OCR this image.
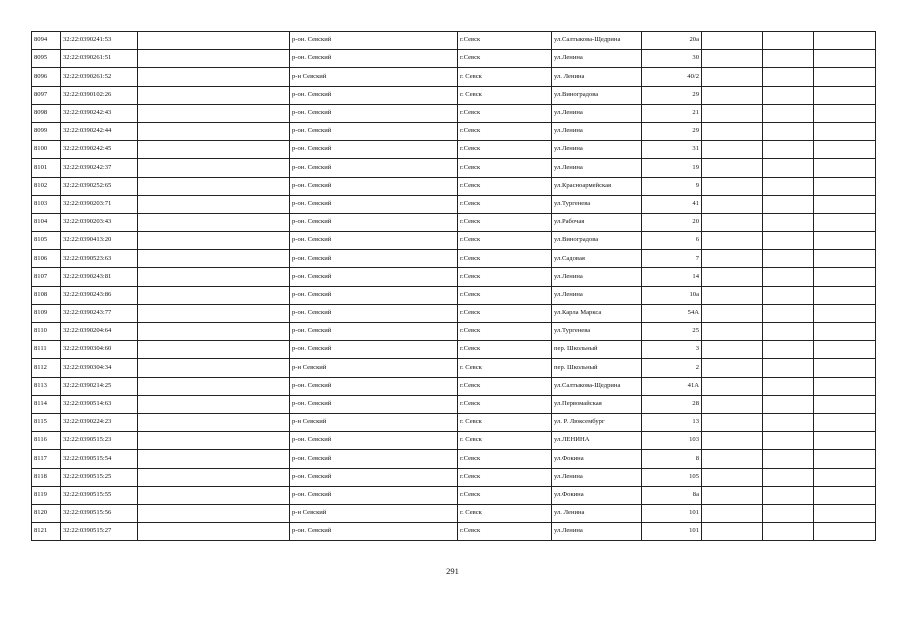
8094	32:22:0390241:53		р-он. Севский	г.Севск	ул.Салтыкова-Щедрина	20а			
8095	32:22:0390261:51		р-он. Севский	г.Севск	ул.Ленина	30			
8096	32:22:0390261:52		р-н Севский	г. Севск	ул. Ленина	40/2			
8097	32:22:0390102:26		р-он. Севский	г. Севск	ул.Виноградова	29			
8098	32:22:0390242:43		р-он. Севский	г.Севск	ул.Ленина	21			
8099	32:22:0390242:44		р-он. Севский	г.Севск	ул.Ленина	29			
8100	32:22:0390242:45		р-он. Севский	г.Севск	ул.Ленина	31			
8101	32:22:0390242:37		р-он. Севский	г.Севск	ул.Ленина	19			
8102	32:22:0390252:65		р-он. Севский	г.Севск	ул.Красноармейская	9			
8103	32:22:0390203:71		р-он. Севский	г.Севск	ул.Тургенева	41			
8104	32:22:0390203:43		р-он. Севский	г.Севск	ул.Рабочая	20			
8105	32:22:0390413:20		р-он. Севский	г.Севск	ул.Виноградова	6			
8106	32:22:0390523:63		р-он. Севский	г.Севск	ул.Садовая	7			
8107	32:22:0390243:81		р-он. Севский	г.Севск	ул.Ленина	14			
8108	32:22:0390243:86		р-он. Севский	г.Севск	ул.Ленина	10а			
8109	32:22:0390243:77		р-он. Севский	г.Севск	ул.Карла Маркса	54А			
8110	32:22:0390204:64		р-он. Севский	г.Севск	ул.Тургенева	25			
8111	32:22:0390304:60		р-он. Севский	г.Севск	пер. Школьный	3			
8112	32:22:0390304:34		р-н Севский	г. Севск	пер. Школьный	2			
8113	32:22:0390214:25		р-он. Севский	г.Севск	ул.Салтыкова-Щедрина	41А			
8114	32:22:0390514:63		р-он. Севский	г.Севск	ул.Первомайская	28			
8115	32:22:0390224:23		р-н Севский	г. Севск	ул. Р. Люксембург	13			
8116	32:22:0390515:23		р-он. Севский	г. Севск	ул.ЛЕНИНА	103			
8117	32:22:0390515:54		р-он. Севский	г.Севск	ул.Фокина	8			
8118	32:22:0390515:25		р-он. Севский	г.Севск	ул.Ленина	105			
8119	32:22:0390515:55		р-он. Севский	г.Севск	ул.Фокина	8а			
8120	32:22:0390515:56		р-н Севский	г. Севск	ул. Ленина	101			
8121	32:22:0390515:27		р-он. Севский	г.Севск	ул.Ленина	101			
291
